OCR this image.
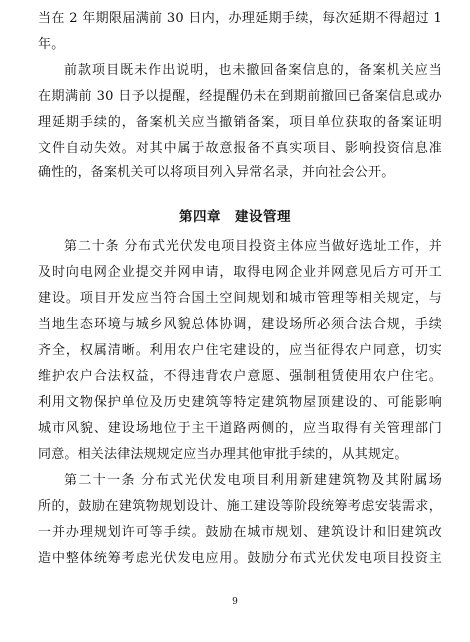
当在 2 年期限届满前 30 日内，办理延期手续，每次延期不得超过 1
年。
前款项目既未作出说明，也未撤回备案信息的，备案机关应当
在期满前 30 日予以提醒，经提醒仍未在到期前撤回已备案信息或办
理延期手续的，备案机关应当撤销备案，项目单位获取的备案证明
文件自动失效。对其中属于故意报备不真实项目、影响投资信息准
确性的，备案机关可以将项目列入异常名录，并向社会公开。
第四章　建设管理
第二十条 分布式光伏发电项目投资主体应当做好选址工作，并
及时向电网企业提交并网申请，取得电网企业并网意见后方可开工
建设。项目开发应当符合国土空间规划和城市管理等相关规定，与
当地生态环境与城乡风貌总体协调，建设场所必须合法合规，手续
齐全，权属清晰。利用农户住宅建设的，应当征得农户同意，切实
维护农户合法权益，不得违背农户意愿、强制租赁使用农户住宅。
利用文物保护单位及历史建筑等特定建筑物屋顶建设的、可能影响
城市风貌、建设场地位于主干道路两侧的，应当取得有关管理部门
同意。相关法律法规规定应当办理其他审批手续的，从其规定。
第二十一条 分布式光伏发电项目利用新建建筑物及其附属场
所的，鼓励在建筑物规划设计、施工建设等阶段统筹考虑安装需求，
一并办理规划许可等手续。鼓励在城市规划、建筑设计和旧建筑改
造中整体统筹考虑光伏发电应用。鼓励分布式光伏发电项目投资主
9
